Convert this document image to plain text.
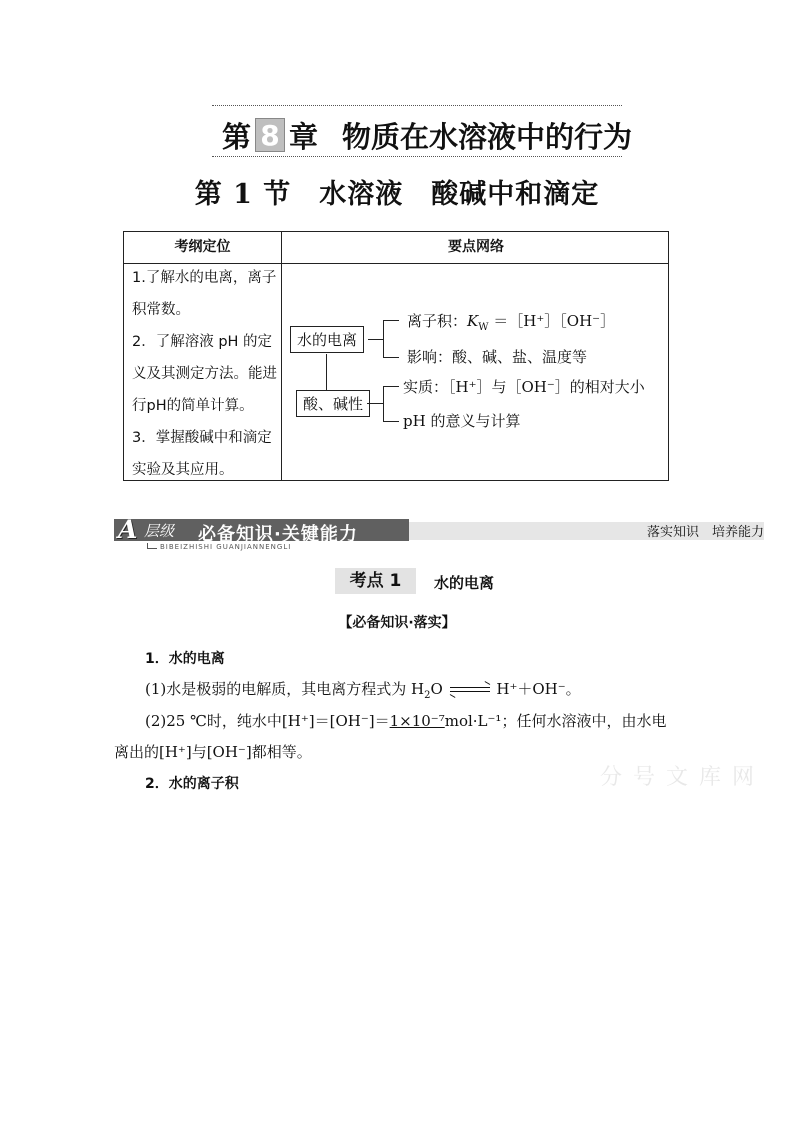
第 8 章 物质在水溶液中的行为
第 1 节　水溶液　酸碱中和滴定
考纲定位	要点网络

1.了解水的电离，离子积常数。

2．了解溶液 pH 的定义及其测定方法。能进行pH的简单计算。

3．掌握酸碱中和滴定实验及其应用。

水的电离
酸、碱性
离子积：$K_W$ ＝［H⁺］［OH⁻］
影响：酸、碱、盐、温度等
实质：［H⁺］与［OH⁻］的相对大小
pH 的意义与计算
A 层级 必备知识·关键能力	落实知识　培养能力
BIBEIZHISHI GUANJIANNENGLI
考点 1	水的电离
【必备知识·落实】
1．水的电离
(1)水是极弱的电解质，其电离方程式为 $H_2O$	H⁺＋OH⁻。
(2)25 ℃时，纯水中[H⁺]＝[OH⁻]＝1×10⁻⁷mol·L⁻¹；任何水溶液中，由水电
离出的[H⁺]与[OH⁻]都相等。
2．水的离子积	分 号 文 库 网
